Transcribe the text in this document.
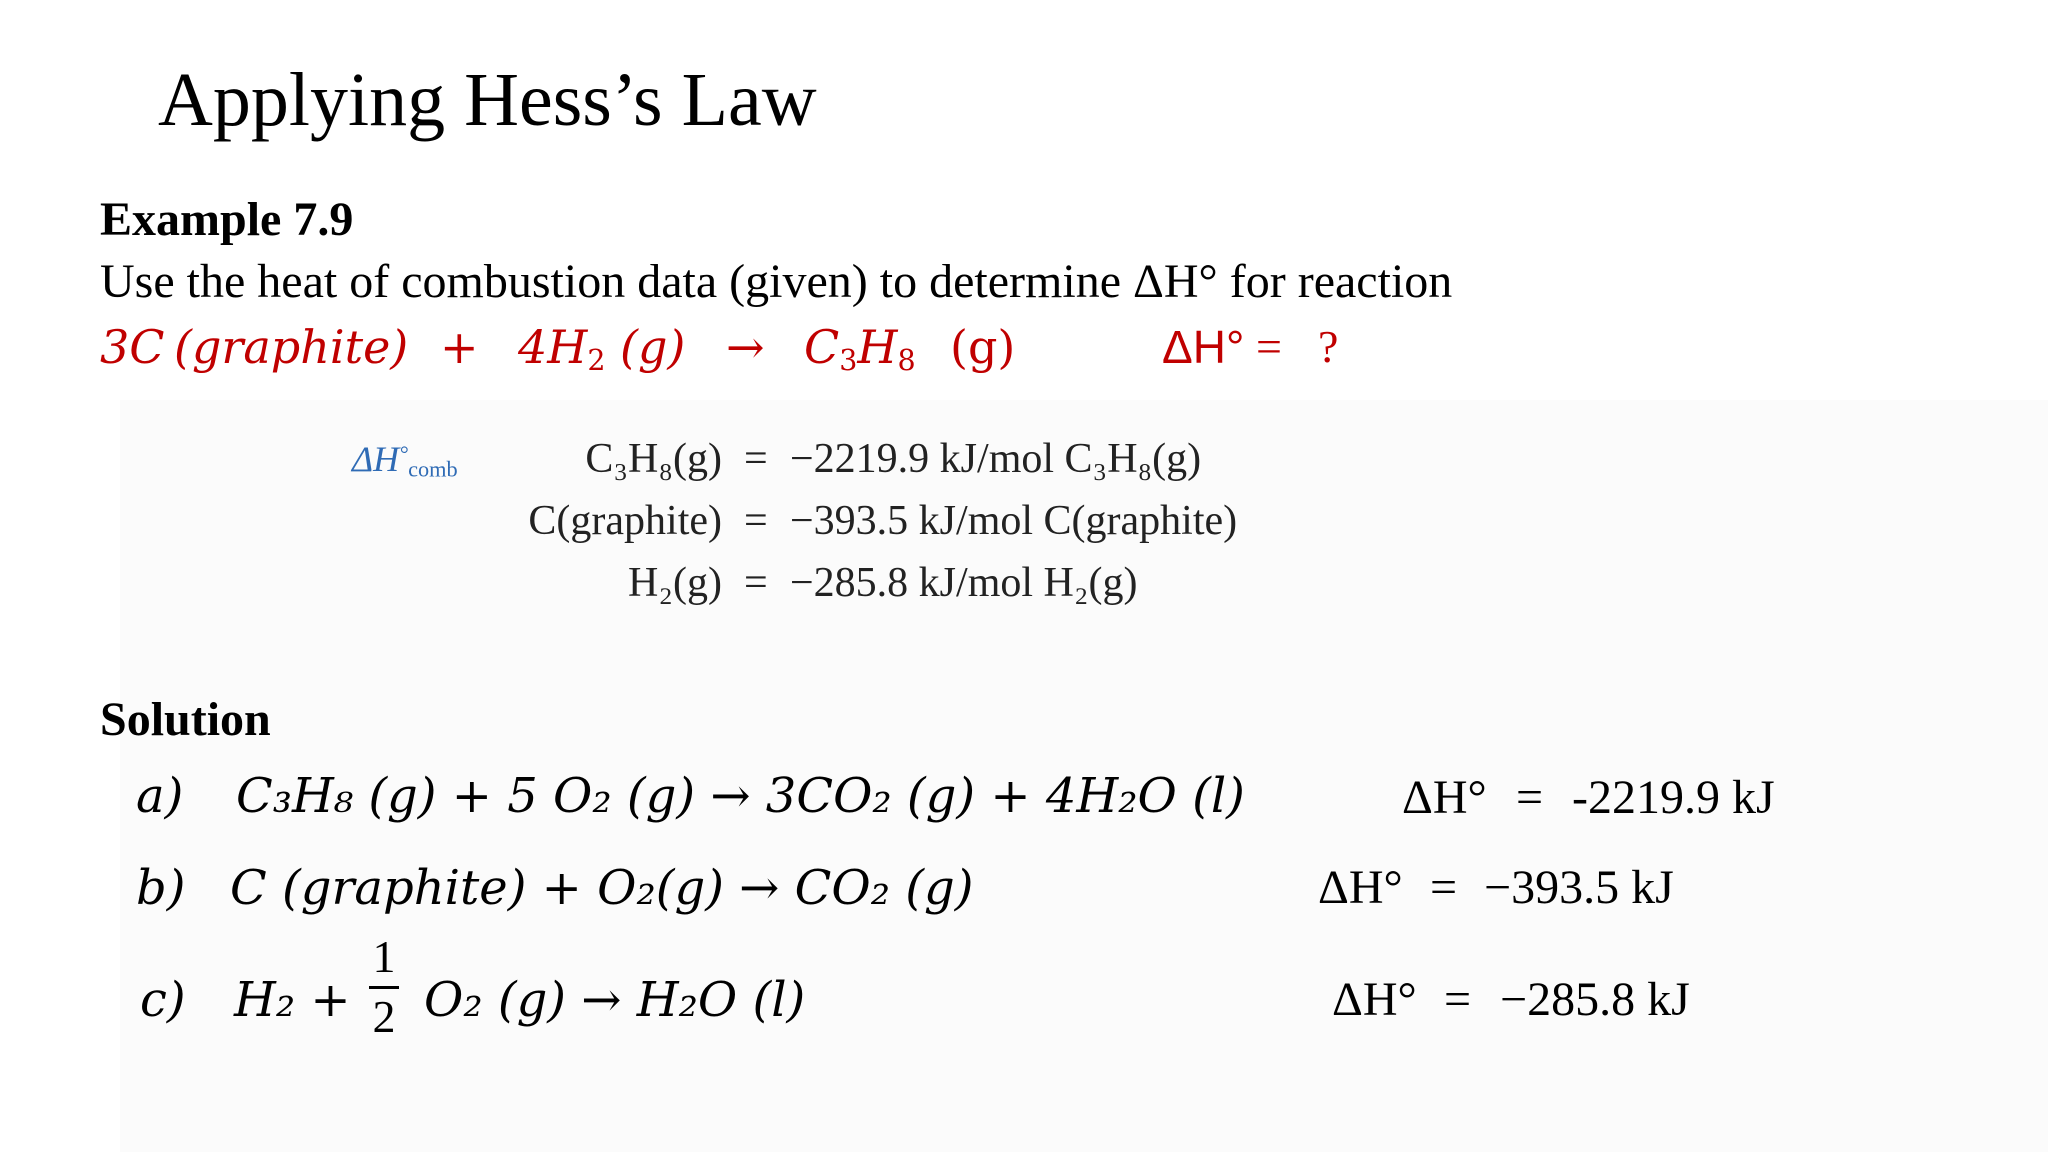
Applying Hess’s Law
Example 7.9
Use the heat of combustion data (given) to determine ΔH° for reaction
3C (graphite) + $4H_2$ $(g) \to C_3H_8$ (g)	ΔH° = ?
$\Delta H^\circ_{comb}$	C₃H₈(g) = −2219.9 kJ/mol C₃H₈(g)
C(graphite) = −393.5 kJ/mol C(graphite)
H₂(g) = −285.8 kJ/mol H₂(g)
Solution
a) C₃H₈ (g) + 5 O₂ (g) → 3CO₂ (g) + 4H₂O (l)	ΔH° = -2219.9 kJ
b) C (graphite) + O₂(g) → CO₂ (g)	ΔH° = −393.5 kJ
c) H₂ +
1
2 O₂ (g) → H₂O (l)	ΔH° = −285.8 kJ
